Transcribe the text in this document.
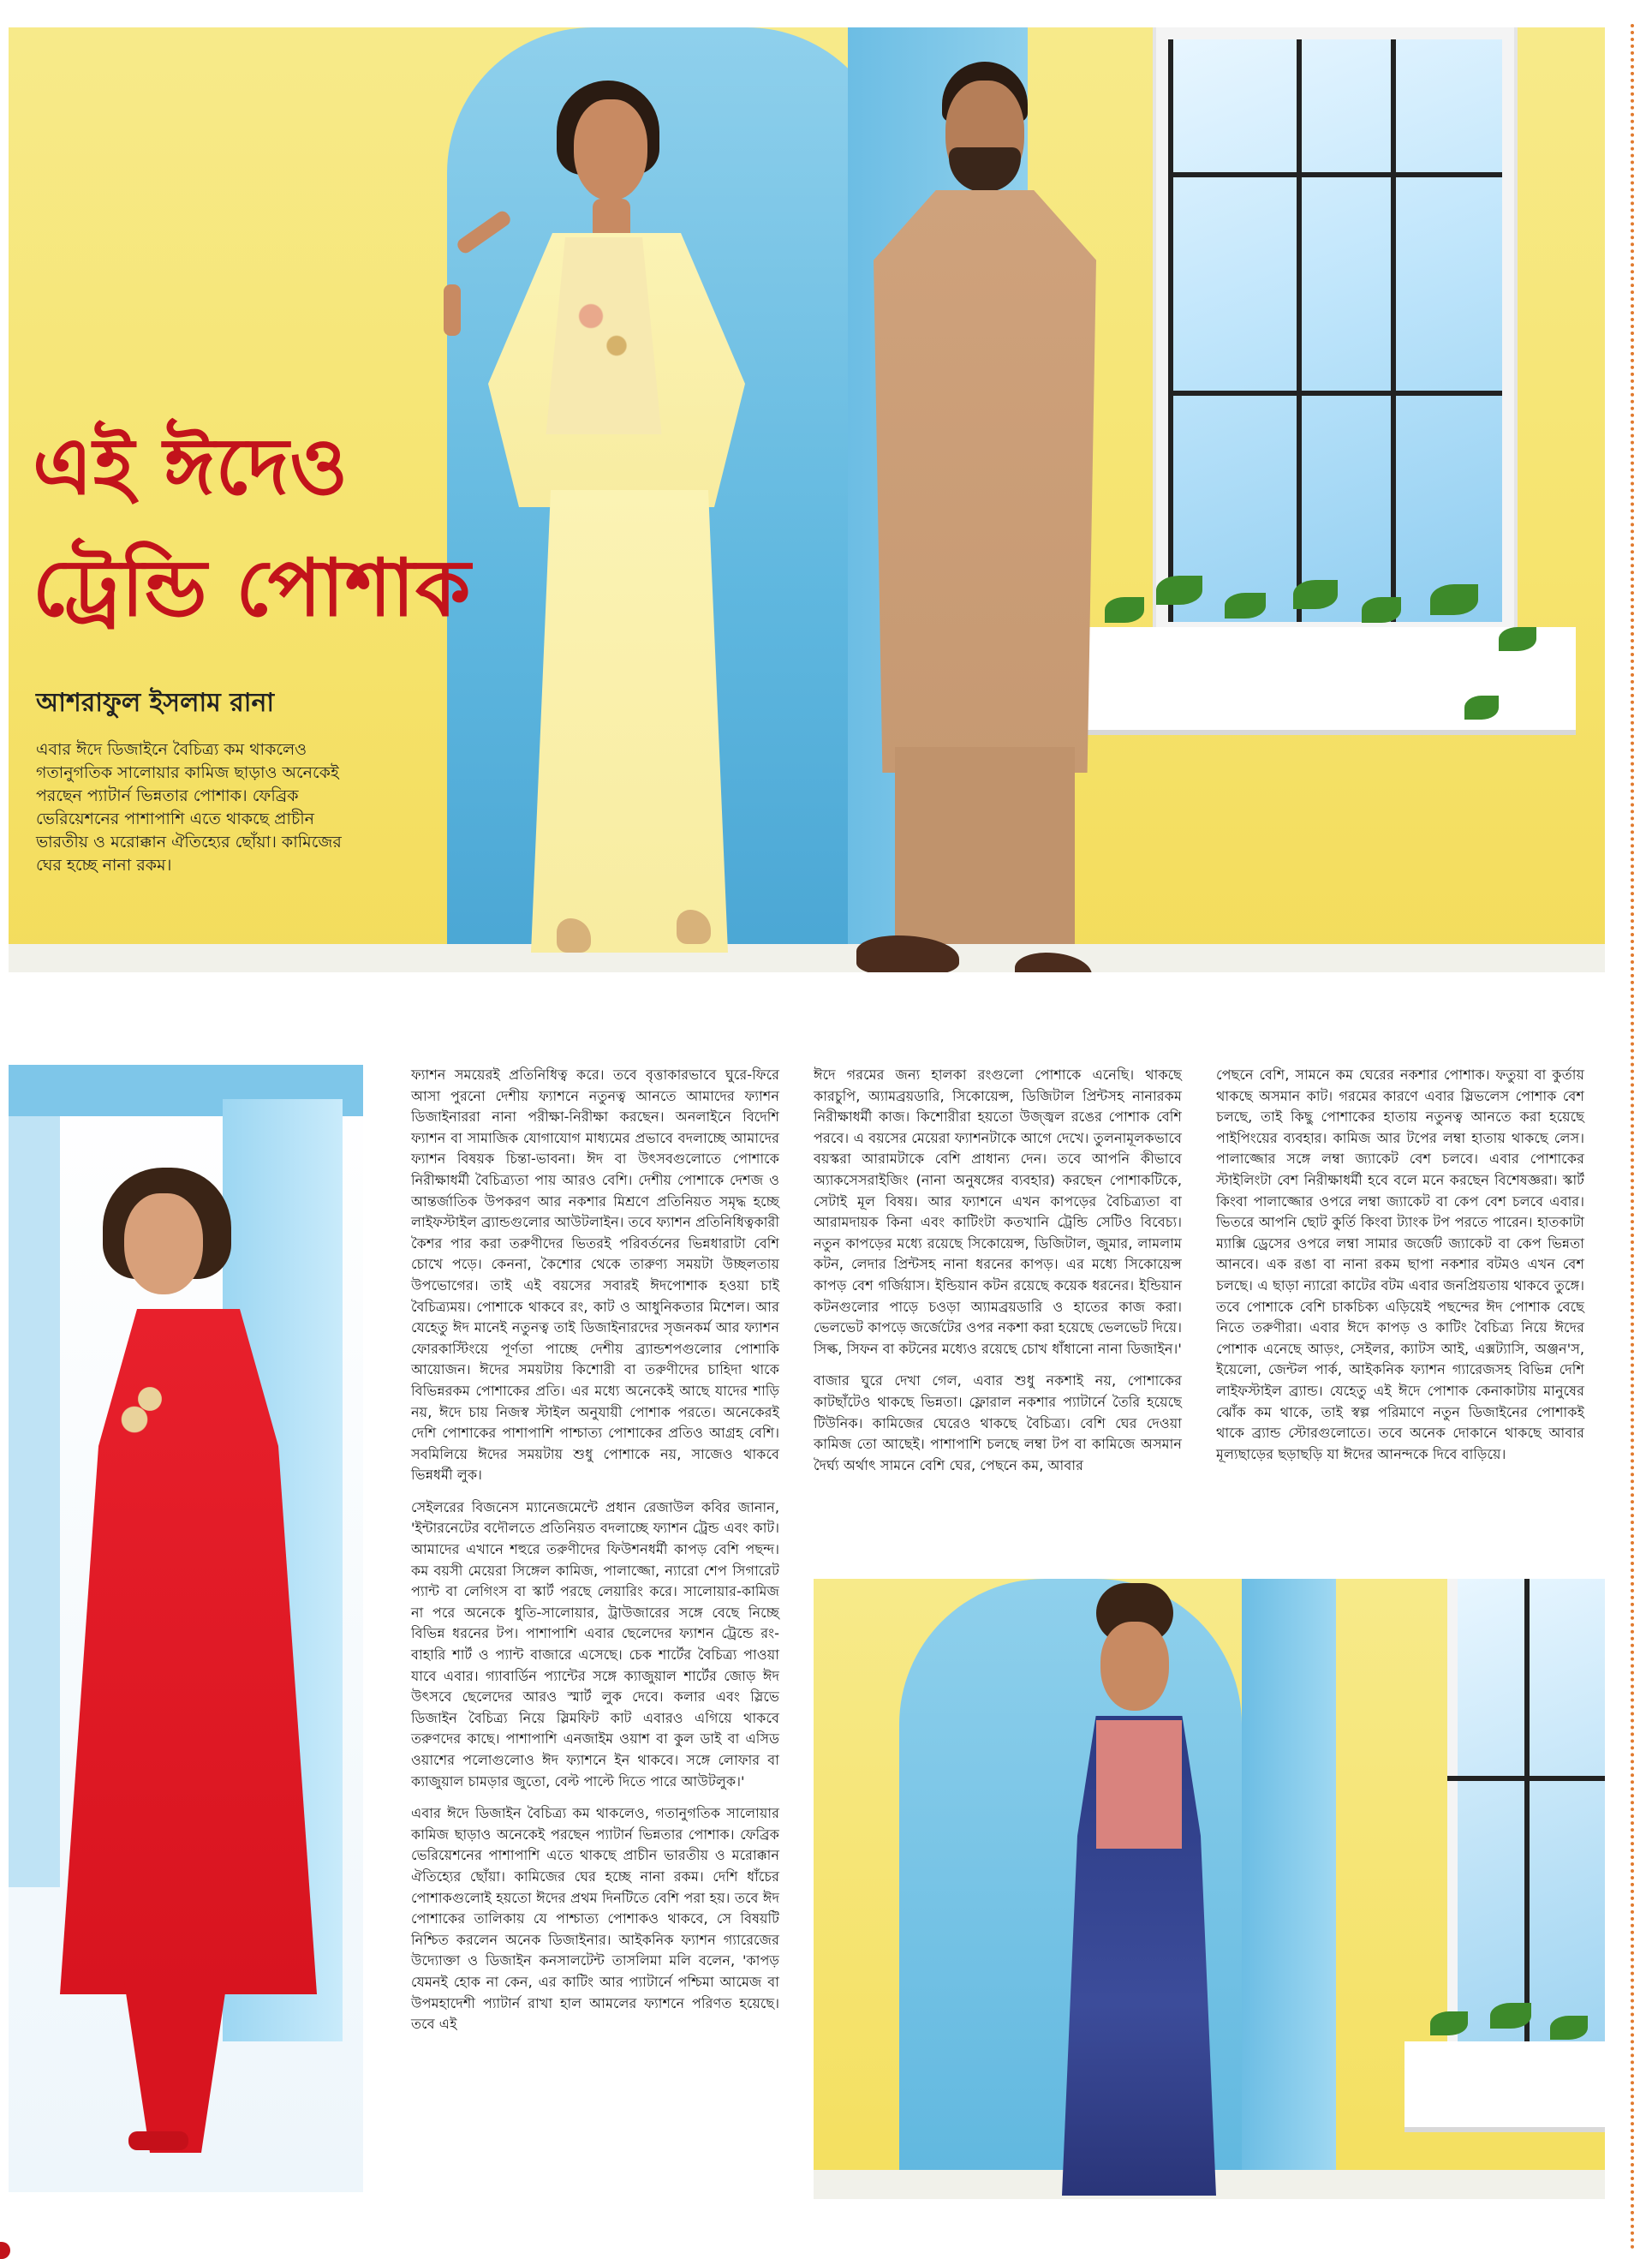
এই ঈদেও
ট্রেন্ডি পোশাক
আশরাফুল ইসলাম রানা
এবার ঈদে ডিজাইনে বৈচিত্র্য কম থাকলেও গতানুগতিক সালোয়ার কামিজ ছাড়াও অনেকেই পরছেন প্যাটার্ন ভিন্নতার পোশাক। ফেব্রিক ভেরিয়েশনের পাশাপাশি এতে থাকছে প্রাচীন ভারতীয় ও মরোক্কান ঐতিহ্যের ছোঁয়া। কামিজের ঘের হচ্ছে নানা রকম।

ফ্যাশন সময়েরই প্রতিনিধিত্ব করে। তবে বৃত্তাকারভাবে ঘুরে-ফিরে আসা পুরনো দেশীয় ফ্যাশনে নতুনত্ব আনতে আমাদের ফ্যাশন ডিজাইনাররা নানা পরীক্ষা-নিরীক্ষা করছেন। অনলাইনে বিদেশি ফ্যাশন বা সামাজিক যোগাযোগ মাধ্যমের প্রভাবে বদলাচ্ছে আমাদের ফ্যাশন বিষয়ক চিন্তা-ভাবনা। ঈদ বা উৎসবগুলোতে পোশাকে নিরীক্ষাধর্মী বৈচিত্র্যতা পায় আরও বেশি। দেশীয় পোশাকে দেশজ ও আন্তর্জাতিক উপকরণ আর নকশার মিশ্রণে প্রতিনিয়ত সমৃদ্ধ হচ্ছে লাইফস্টাইল ব্র্যান্ডগুলোর আউটলাইন। তবে ফ্যাশন প্রতিনিধিত্বকারী কৈশর পার করা তরুণীদের ভিতরই পরিবর্তনের ভিন্নধারাটা বেশি চোখে পড়ে। কেননা, কৈশোর থেকে তারুণ্য সময়টা উচ্ছলতায় উপভোগের। তাই এই বয়সের সবারই ঈদপোশাক হওয়া চাই বৈচিত্র্যময়। পোশাকে থাকবে রং, কাট ও আধুনিকতার মিশেল। আর যেহেতু ঈদ মানেই নতুনত্ব তাই ডিজাইনারদের সৃজনকর্ম আর ফ্যাশন ফোরকাস্টিংয়ে পূর্ণতা পাচ্ছে দেশীয় ব্র্যান্ডশপগুলোর পোশাকি আয়োজন। ঈদের সময়টায় কিশোরী বা তরুণীদের চাহিদা থাকে বিভিন্নরকম পোশাকের প্রতি। এর মধ্যে অনেকেই আছে যাদের শাড়ি নয়, ঈদে চায় নিজস্ব স্টাইল অনুযায়ী পোশাক পরতে। অনেকেরই দেশি পোশাকের পাশাপাশি পাশ্চাত্য পোশাকের প্রতিও আগ্রহ বেশি। সবমিলিয়ে ঈদের সময়টায় শুধু পোশাকে নয়, সাজেও থাকবে ভিন্নধর্মী লুক।

সেইলরের বিজনেস ম্যানেজমেন্টে প্রধান রেজাউল কবির জানান, 'ইন্টারনেটের বদৌলতে প্রতিনিয়ত বদলাচ্ছে ফ্যাশন ট্রেন্ড এবং কাট। আমাদের এখানে শহুরে তরুণীদের ফিউশনধর্মী কাপড় বেশি পছন্দ। কম বয়সী মেয়েরা সিঙ্গেল কামিজ, পালাজ্জো, ন্যারো শেপ সিগারেট প্যান্ট বা লেগিংস বা স্কার্ট পরছে লেয়ারিং করে। সালোয়ার-কামিজ না পরে অনেকে ধুতি-সালোয়ার, ট্রাউজারের সঙ্গে বেছে নিচ্ছে বিভিন্ন ধরনের টপ। পাশাপাশি এবার ছেলেদের ফ্যাশন ট্রেন্ডে রং-বাহারি শার্ট ও প্যান্ট বাজারে এসেছে। চেক শার্টের বৈচিত্র্য পাওয়া যাবে এবার। গ্যাবার্ডিন প্যান্টের সঙ্গে ক্যাজুয়াল শার্টের জোড় ঈদ উৎসবে ছেলেদের আরও স্মার্ট লুক দেবে। কলার এবং স্লিভে ডিজাইন বৈচিত্র্য নিয়ে স্লিমফিট কাট এবারও এগিয়ে থাকবে তরুণদের কাছে। পাশাপাশি এনজাইম ওয়াশ বা কুল ডাই বা এসিড ওয়াশের পলোগুলোও ঈদ ফ্যাশনে ইন থাকবে। সঙ্গে লোফার বা ক্যাজুয়াল চামড়ার জুতো, বেল্ট পাল্টে দিতে পারে আউটলুক।'

এবার ঈদে ডিজাইন বৈচিত্র্য কম থাকলেও, গতানুগতিক সালোয়ার কামিজ ছাড়াও অনেকেই পরছেন প্যাটার্ন ভিন্নতার পোশাক। ফেব্রিক ভেরিয়েশনের পাশাপাশি এতে থাকছে প্রাচীন ভারতীয় ও মরোক্কান ঐতিহ্যের ছোঁয়া। কামিজের ঘের হচ্ছে নানা রকম। দেশি ধাঁচের পোশাকগুলোই হয়তো ঈদের প্রথম দিনটিতে বেশি পরা হয়। তবে ঈদ পোশাকের তালিকায় যে পাশ্চাত্য পোশাকও থাকবে, সে বিষয়টি নিশ্চিত করলেন অনেক ডিজাইনার। আইকনিক ফ্যাশন গ্যারেজের উদ্যোক্তা ও ডিজাইন কনসালটেন্ট তাসলিমা মলি বলেন, 'কাপড় যেমনই হোক না কেন, এর কাটিং আর প্যাটার্নে পশ্চিমা আমেজ বা উপমহাদেশী প্যাটার্ন রাখা হাল আমলের ফ্যাশনে পরিণত হয়েছে। তবে এই

ঈদে গরমের জন্য হালকা রংগুলো পোশাকে এনেছি। থাকছে কারচুপি, অ্যামব্রয়ডারি, সিকোয়েন্স, ডিজিটাল প্রিন্টসহ নানারকম নিরীক্ষাধর্মী কাজ। কিশোরীরা হয়তো উজ্জ্বল রঙের পোশাক বেশি পরবে। এ বয়সের মেয়েরা ফ্যাশনটাকে আগে দেখে। তুলনামূলকভাবে বয়স্করা আরামটাকে বেশি প্রাধান্য দেন। তবে আপনি কীভাবে অ্যাকসেসরাইজিং (নানা অনুষঙ্গের ব্যবহার) করছেন পোশাকটিকে, সেটাই মূল বিষয়। আর ফ্যাশনে এখন কাপড়ের বৈচিত্র্যতা বা আরামদায়ক কিনা এবং কাটিংটা কতখানি ট্রেন্ডি সেটিও বিবেচ্য। নতুন কাপড়ের মধ্যে রয়েছে সিকোয়েন্স, ডিজিটাল, জুমার, লামলাম কটন, লেদার প্রিন্টসহ নানা ধরনের কাপড়। এর মধ্যে সিকোয়েন্স কাপড় বেশ গর্জিয়াস। ইন্ডিয়ান কটন রয়েছে কয়েক ধরনের। ইন্ডিয়ান কটনগুলোর পাড়ে চওড়া অ্যামব্রয়ডারি ও হাতের কাজ করা। ভেলভেট কাপড়ে জর্জেটের ওপর নকশা করা হয়েছে ভেলভেট দিয়ে। সিল্ক, সিফন বা কটনের মধ্যেও রয়েছে চোখ ধাঁধানো নানা ডিজাইন।'

বাজার ঘুরে দেখা গেল, এবার শুধু নকশাই নয়, পোশাকের কাটছাঁটেও থাকছে ভিন্নতা। ফ্লোরাল নকশার প্যাটার্নে তৈরি হয়েছে টিউনিক। কামিজের ঘেরেও থাকছে বৈচিত্র্য। বেশি ঘের দেওয়া কামিজ তো আছেই। পাশাপাশি চলছে লম্বা টপ বা কামিজে অসমান দৈর্ঘ্য অর্থাৎ সামনে বেশি ঘের, পেছনে কম, আবার

পেছনে বেশি, সামনে কম ঘেরের নকশার পোশাক। ফতুয়া বা কুর্তায় থাকছে অসমান কাট। গরমের কারণে এবার স্লিভলেস পোশাক বেশ চলছে, তাই কিছু পোশাকের হাতায় নতুনত্ব আনতে করা হয়েছে পাইপিংয়ের ব্যবহার। কামিজ আর টপের লম্বা হাতায় থাকছে লেস। পালাজ্জোর সঙ্গে লম্বা জ্যাকেট বেশ চলবে। এবার পোশাকের স্টাইলিংটা বেশ নিরীক্ষাধর্মী হবে বলে মনে করছেন বিশেষজ্ঞরা। স্কার্ট কিংবা পালাজ্জোর ওপরে লম্বা জ্যাকেট বা কেপ বেশ চলবে এবার। ভিতরে আপনি ছোট কুর্তি কিংবা ট্যাংক টপ পরতে পারেন। হাতকাটা ম্যাক্সি ড্রেসের ওপরে লম্বা সামার জর্জেট জ্যাকেট বা কেপ ভিন্নতা আনবে। এক রঙা বা নানা রকম ছাপা নকশার বটমও এখন বেশ চলছে। এ ছাড়া ন্যারো কাটের বটম এবার জনপ্রিয়তায় থাকবে তুঙ্গে। তবে পোশাকে বেশি চাকচিক্য এড়িয়েই পছন্দের ঈদ পোশাক বেছে নিতে তরুণীরা। এবার ঈদে কাপড় ও কাটিং বৈচিত্র্য নিয়ে ঈদের পোশাক এনেছে আড়ং, সেইলর, ক্যাটস আই, এক্সট্যাসি, অঞ্জন'স, ইয়েলো, জেন্টল পার্ক, আইকনিক ফ্যাশন গ্যারেজসহ বিভিন্ন দেশি লাইফস্টাইল ব্র্যান্ড। যেহেতু এই ঈদে পোশাক কেনাকাটায় মানুষের ঝোঁক কম থাকে, তাই স্বল্প পরিমাণে নতুন ডিজাইনের পোশাকই থাকে ব্র্যান্ড স্টোরগুলোতে। তবে অনেক দোকানে থাকছে আবার মূল্যছাড়ের ছড়াছড়ি যা ঈদের আনন্দকে দিবে বাড়িয়ে।
